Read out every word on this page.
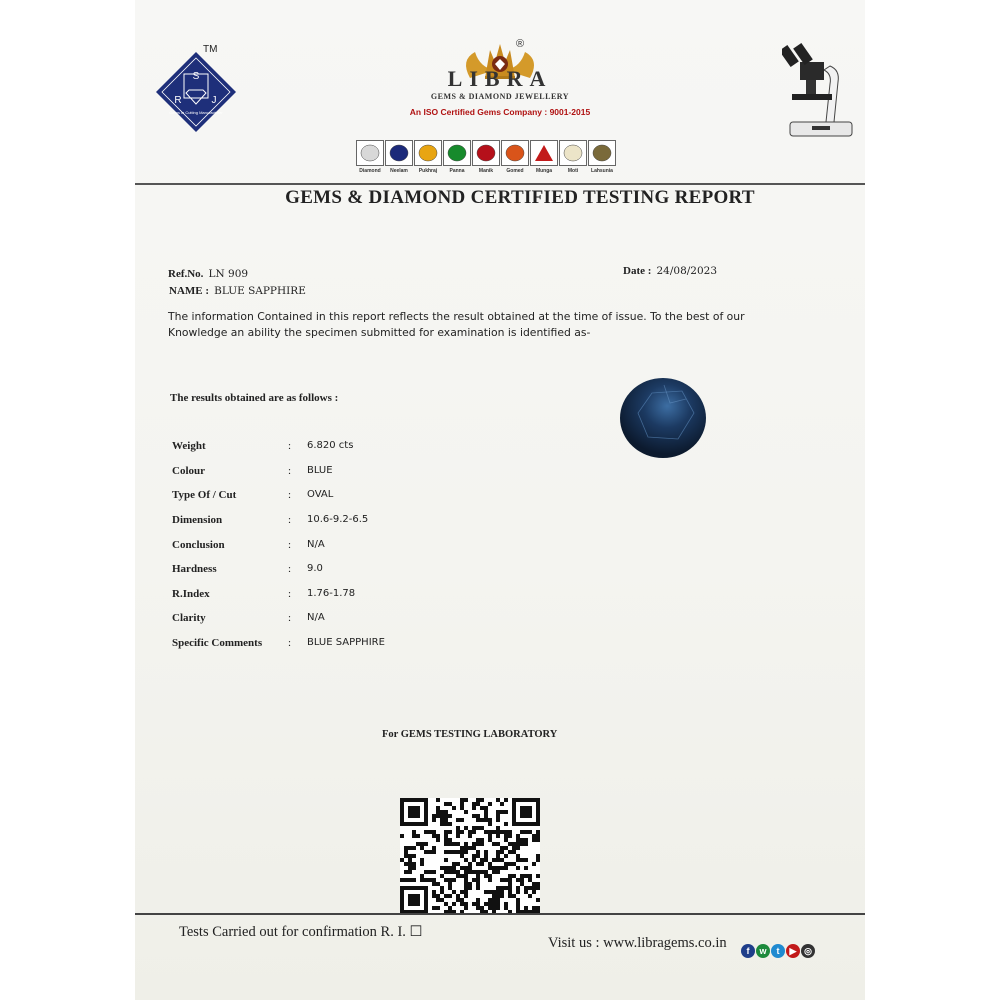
S
R	J
Gems in Cutting Manufacturer
TM	®
LIBRA
GEMS & DIAMOND JEWELLERY
An ISO Certified Gems Company : 9001-2015
Diamond Neelam Pukhraj Panna	Manik	Gomed Munga	Moti	Lahsunia
GEMS & DIAMOND CERTIFIED TESTING REPORT
Ref.No. LN 909
NAME : BLUE SAPPHIRE
Date : 24/08/2023
The information Contained in this report reflects the result obtained at the time of issue. To the best of our
Knowledge an ability the specimen submitted for examination is identified as-
The results obtained are as follows :
Weight	: 6.820 cts
Colour	: BLUE
Type Of / Cut	: OVAL
Dimension	: 10.6-9.2-6.5
Conclusion	: N/A
Hardness	: 9.0
R.Index	: 1.76-1.78
Clarity	: N/A
Specific Comments : BLUE SAPPHIRE
For GEMS TESTING LABORATORY
Tests Carried out for confirmation R. I. ☐
Visit us : www.libragems.co.in	f	w	t	▶ ◎
